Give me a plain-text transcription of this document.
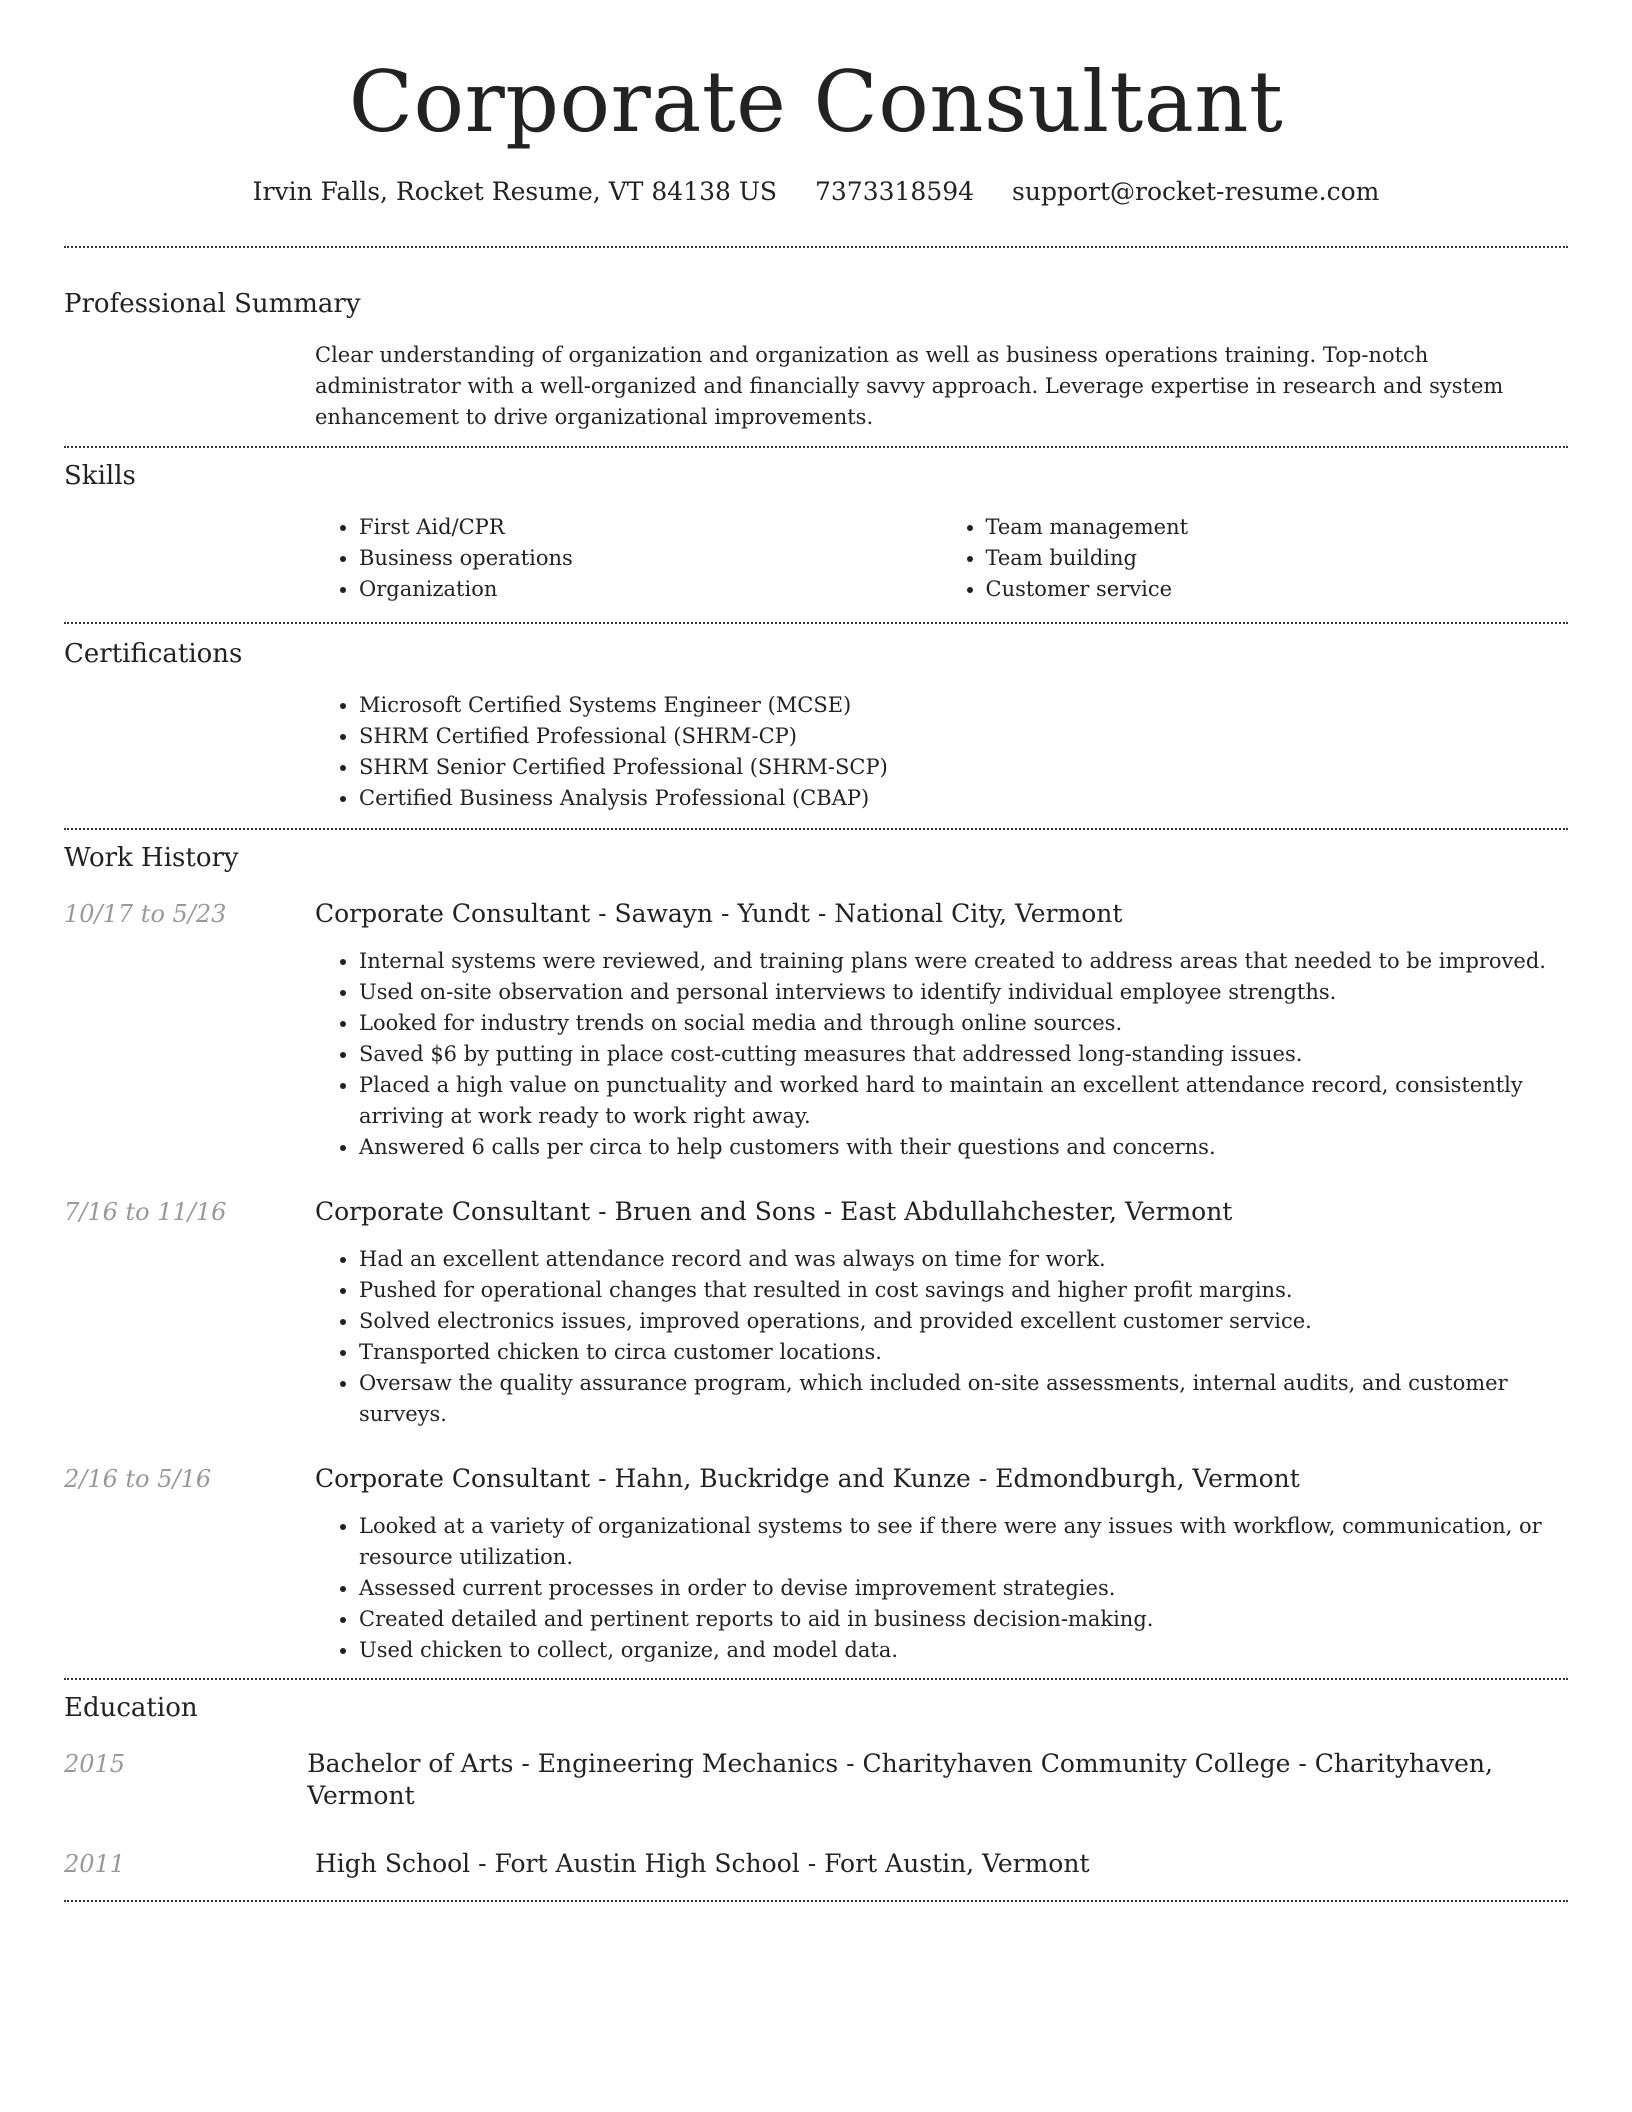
Corporate Consultant
Irvin Falls, Rocket Resume, VT 84138 US 7373318594 support@rocket-resume.com
Professional Summary

Clear understanding of organization and organization as well as business operations training. Top-notch administrator with a well-organized and financially savvy approach. Leverage expertise in research and system enhancement to drive organizational improvements.

Skills
• First Aid/CPR
• Business operations
• Organization
• Team management
• Team building
• Customer service
Certifications
• Microsoft Certified Systems Engineer (MCSE)
• SHRM Certified Professional (SHRM-CP)
• SHRM Senior Certified Professional (SHRM-SCP)
• Certified Business Analysis Professional (CBAP)
Work History
10/17 to 5/23	Corporate Consultant - Sawayn - Yundt - National City, Vermont

• Internal systems were reviewed, and training plans were created to address areas that needed to be improved.
• Used on-site observation and personal interviews to identify individual employee strengths.
• Looked for industry trends on social media and through online sources.
• Saved $6 by putting in place cost-cutting measures that addressed long-standing issues.
• Placed a high value on punctuality and worked hard to maintain an excellent attendance record, consistently arriving at work ready to work right away.
• Answered 6 calls per circa to help customers with their questions and concerns.
7/16 to 11/16	Corporate Consultant - Bruen and Sons - East Abdullahchester, Vermont

• Had an excellent attendance record and was always on time for work.
• Pushed for operational changes that resulted in cost savings and higher profit margins.
• Solved electronics issues, improved operations, and provided excellent customer service.
• Transported chicken to circa customer locations.
• Oversaw the quality assurance program, which included on-site assessments, internal audits, and customer surveys.
2/16 to 5/16	Corporate Consultant - Hahn, Buckridge and Kunze - Edmondburgh, Vermont

• Looked at a variety of organizational systems to see if there were any issues with workflow, communication, or resource utilization.
• Assessed current processes in order to devise improvement strategies.
• Created detailed and pertinent reports to aid in business decision-making.
• Used chicken to collect, organize, and model data.
Education
2015	Bachelor of Arts - Engineering Mechanics - Charityhaven Community College - Charityhaven, Vermont
2011	High School - Fort Austin High School - Fort Austin, Vermont
